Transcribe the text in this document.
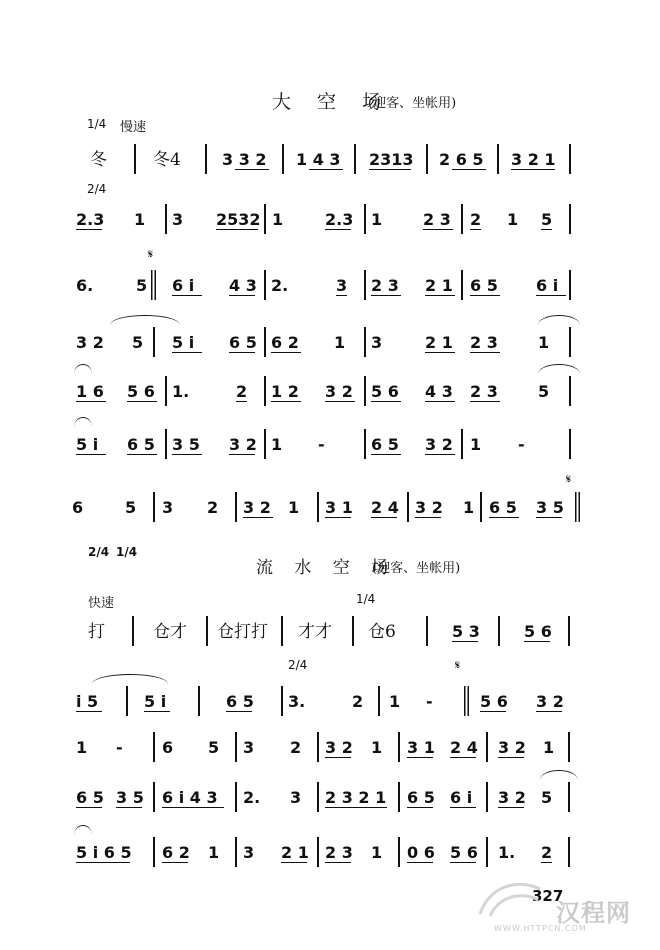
大 空 场
(迎客、坐帐用)
1/4 慢速
2/4
𝄋
冬	冬4	3 3 2 1 4 3 2313 2 6 5 3 2 1
2.3 1 3 2532 1	2.3 1	2 3 2 1 5
6.	5 6 i 4 3 2.	3 2 3 2 1 6 5 6 i
3 2 5 5 i 6 5 6 2 1 3	2 1 2 3	1
1 6 5 6 1.	2 1 2 3 2 5 6 4 3 2 3	5
5 i 6 5 3 5 3 2 1 -	6 5 3 2 1 -
𝄋
6	5 3 2 3 2 1 3 1 2 4 3 2 1 6 5 3 5
2/4 1/4
流 水 空 场
(迎客、坐帐用)
快速	1/4
打	仓才 仓打打 才才 仓6	5 3	5 6
2/4	𝄋
i 5	5 i	6 5 3.	2 1 -	5 6 3 2
1 - 6 5 3 2 3 2 1 3 1 2 4 3 2 1
6 5 3 5 6 i 4 3 2. 3 2 3 2 1 6 5 6 i 3 2 5
5 i 6 5 6 2 1 3 2 1 2 3 1 0 6 5 6 1. 2
327
汉程网
WWW.HTTPCN.COM
